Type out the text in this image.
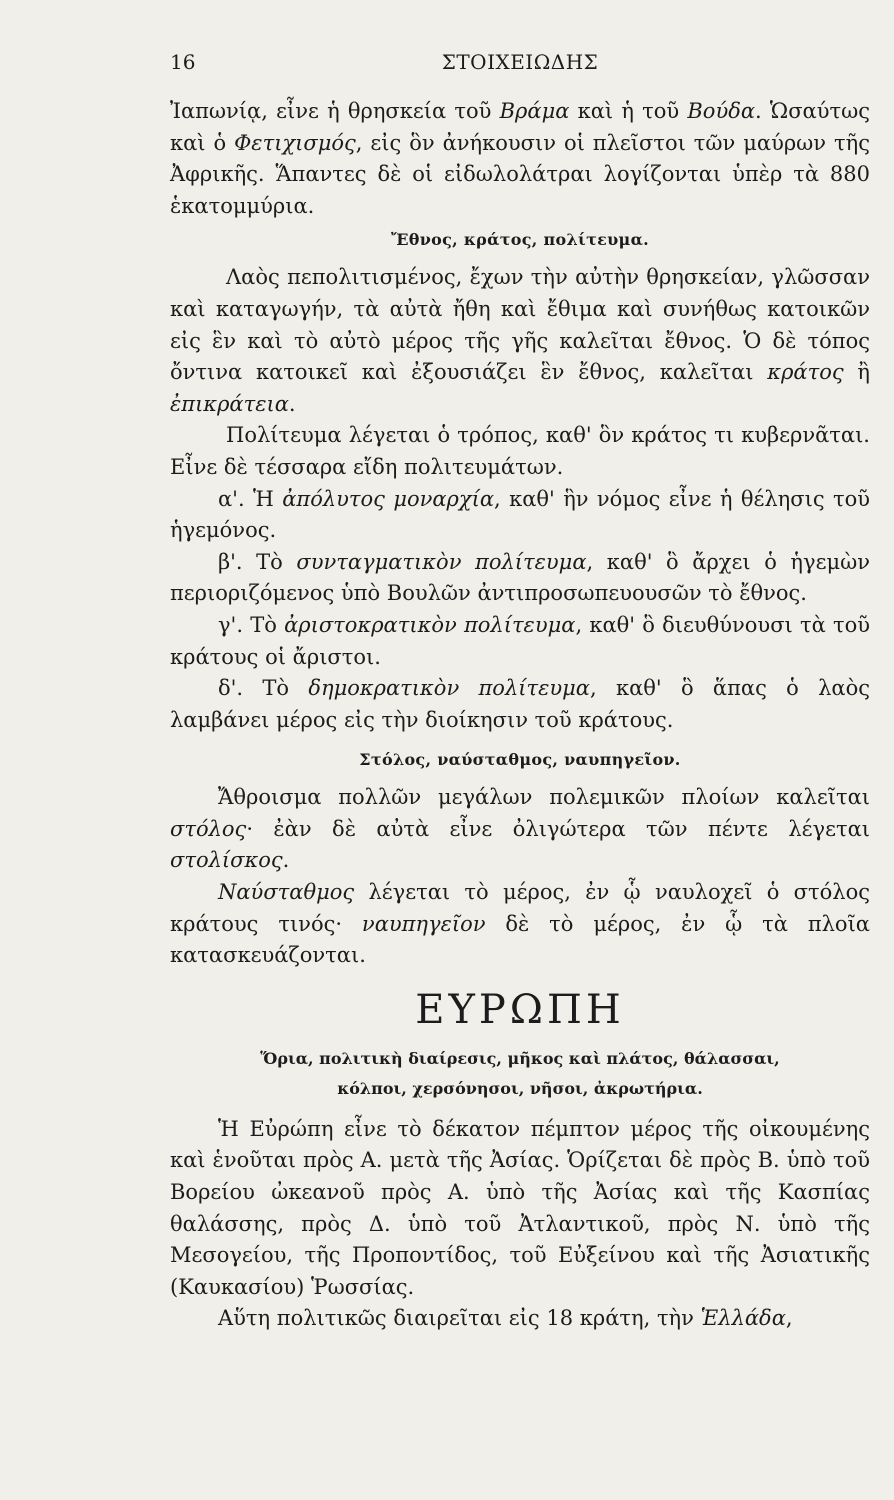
16	ΣΤΟΙΧΕΙΩΔΗΣ

Ἰαπωνίᾳ, εἶνε ἡ θρησκεία τοῦ Βράμα καὶ ἡ τοῦ Βούδα. Ὡσαύτως καὶ ὁ Φετιχισμός, εἰς ὃν ἀνήκουσιν οἱ πλεῖστοι τῶν μαύρων τῆς Ἀφρικῆς. Ἅπαντες δὲ οἱ εἰδωλολάτραι λογίζονται ὑπὲρ τὰ 880 ἑκατομμύρια.

Ἔθνος, κράτος, πολίτευμα.

Λαὸς πεπολιτισμένος, ἔχων τὴν αὐτὴν θρησκείαν, γλῶσσαν καὶ καταγωγήν, τὰ αὐτὰ ἤθη καὶ ἔθιμα καὶ συνήθως κατοικῶν εἰς ἓν καὶ τὸ αὐτὸ μέρος τῆς γῆς καλεῖται ἔθνος. Ὁ δὲ τόπος ὄντινα κατοικεῖ καὶ ἐξουσιάζει ἓν ἔθνος, καλεῖται κράτος ἢ ἐπικράτεια.

Πολίτευμα λέγεται ὁ τρόπος, καθ' ὃν κράτος τι κυβερνᾶται. Εἶνε δὲ τέσσαρα εἴδη πολιτευμάτων.

α'. Ἡ ἀπόλυτος μοναρχία, καθ' ἣν νόμος εἶνε ἡ θέλησις τοῦ ἡγεμόνος.

β'. Τὸ συνταγματικὸν πολίτευμα, καθ' ὃ ἄρχει ὁ ἡγεμὼν περιοριζόμενος ὑπὸ Βουλῶν ἀντιπροσωπευουσῶν τὸ ἔθνος.

γ'. Τὸ ἀριστοκρατικὸν πολίτευμα, καθ' ὃ διευθύνουσι τὰ τοῦ κράτους οἱ ἄριστοι.

δ'. Τὸ δημοκρατικὸν πολίτευμα, καθ' ὃ ἅπας ὁ λαὸς λαμβάνει μέρος εἰς τὴν διοίκησιν τοῦ κράτους.

Στόλος, ναύσταθμος, ναυπηγεῖον.

Ἄθροισμα πολλῶν μεγάλων πολεμικῶν πλοίων καλεῖται στόλος· ἐὰν δὲ αὐτὰ εἶνε ὀλιγώτερα τῶν πέντε λέγεται στολίσκος.

Ναύσταθμος λέγεται τὸ μέρος, ἐν ᾧ ναυλοχεῖ ὁ στόλος κράτους τινός· ναυπηγεῖον δὲ τὸ μέρος, ἐν ᾧ τὰ πλοῖα κατασκευάζονται.

ΕΥΡΩΠΗ
Ὅρια, πολιτικὴ διαίρεσις, μῆκος καὶ πλάτος, θάλασσαι,
κόλποι, χερσόνησοι, νῆσοι, ἀκρωτήρια.

Ἡ Εὐρώπη εἶνε τὸ δέκατον πέμπτον μέρος τῆς οἰκουμένης καὶ ἑνοῦται πρὸς Α. μετὰ τῆς Ἀσίας. Ὁρίζεται δὲ πρὸς Β. ὑπὸ τοῦ Βορείου ὠκεανοῦ πρὸς Α. ὑπὸ τῆς Ἀσίας καὶ τῆς Κασπίας θαλάσσης, πρὸς Δ. ὑπὸ τοῦ Ἀτλαντικοῦ, πρὸς Ν. ὑπὸ τῆς Μεσογείου, τῆς Προποντίδος, τοῦ Εὐξείνου καὶ τῆς Ἀσιατικῆς (Καυκασίου) Ῥωσσίας.

Αὕτη πολιτικῶς διαιρεῖται εἰς 18 κράτη, τὴν Ἑλλάδα,
